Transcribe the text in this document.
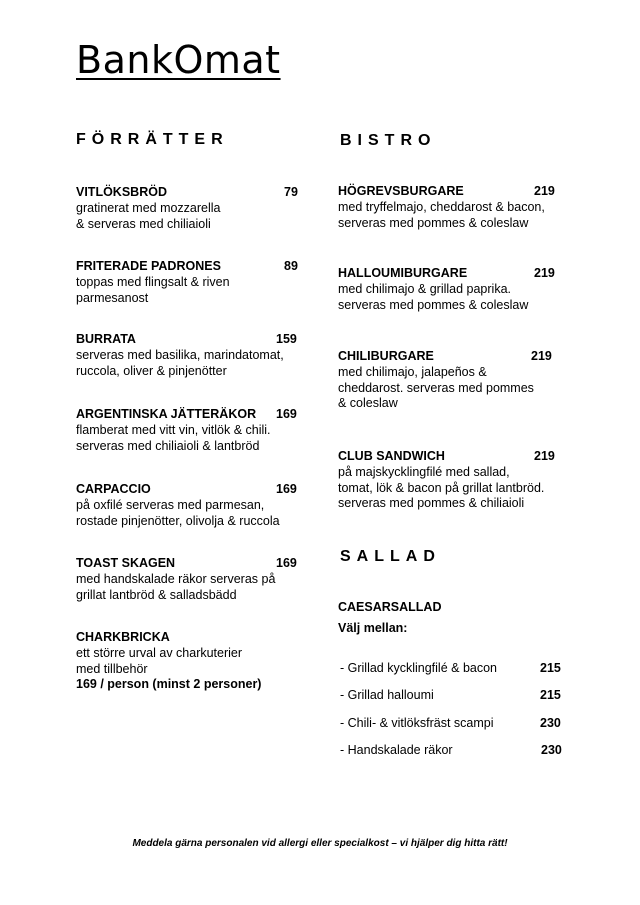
BankOmat
FÖRRÄTTER
VITLÖKSBRÖD	79
gratinerat med mozzarella
& serveras med chiliaioli
FRITERADE PADRONES	89
toppas med flingsalt & riven
parmesanost
BURRATA	159
serveras med basilika, marindatomat,
ruccola, oliver & pinjenötter
ARGENTINSKA JÄTTERÄKOR 169
flamberat med vitt vin, vitlök & chili.
serveras med chiliaioli & lantbröd
CARPACCIO	169
på oxfilé serveras med parmesan,
rostade pinjenötter, olivolja & ruccola
TOAST SKAGEN	169
med handskalade räkor serveras på
grillat lantbröd & salladsbädd
CHARKBRICKA
ett större urval av charkuterier
med tillbehör
169 / person (minst 2 personer)
BISTRO
HÖGREVSBURGARE	219
med tryffelmajo, cheddarost & bacon,
serveras med pommes & coleslaw
HALLOUMIBURGARE	219
med chilimajo & grillad paprika.
serveras med pommes & coleslaw
CHILIBURGARE	219
med chilimajo, jalapeños &
cheddarost. serveras med pommes
& coleslaw
CLUB SANDWICH	219
på majskycklingfilé med sallad,
tomat, lök & bacon på grillat lantbröd.
serveras med pommes & chiliaioli
SALLAD
CAESARSALLAD
Välj mellan:
- Grillad kycklingfilé & bacon	215
- Grillad halloumi	215
- Chili- & vitlöksfräst scampi	230
- Handskalade räkor	230
Meddela gärna personalen vid allergi eller specialkost – vi hjälper dig hitta rätt!
